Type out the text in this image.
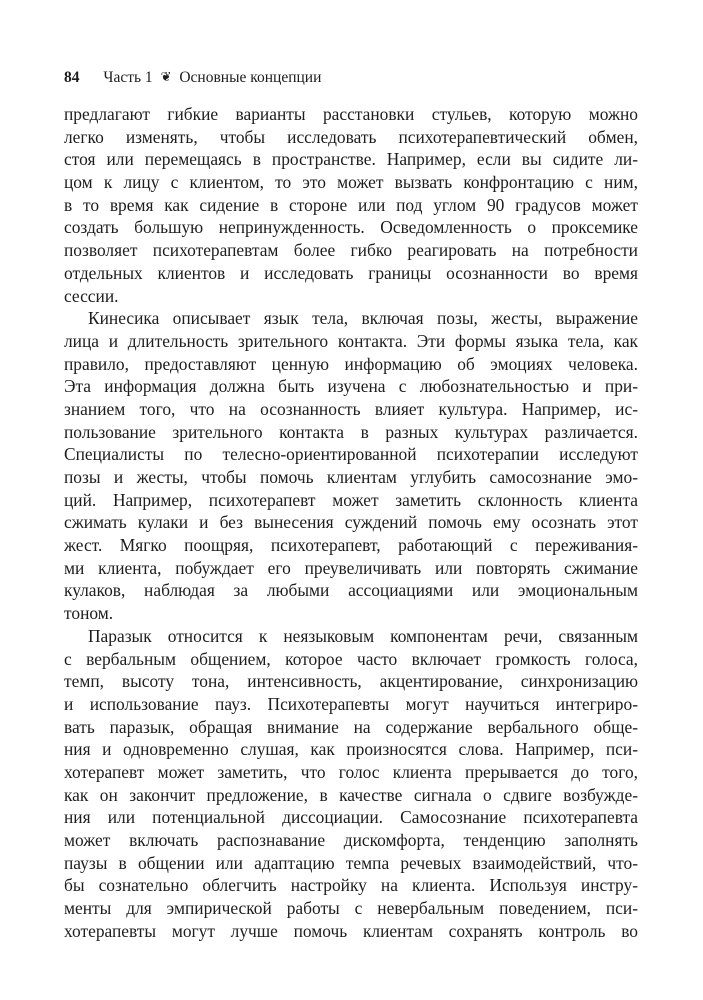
84 Часть 1 ❦ Основные концепции
предлагают гибкие варианты расстановки стульев, которую можно
легко изменять, чтобы исследовать психотерапевтический обмен,
стоя или перемещаясь в пространстве. Например, если вы сидите ли-
цом к лицу с клиентом, то это может вызвать конфронтацию с ним,
в то время как сидение в стороне или под углом 90 градусов может
создать большую непринужденность. Осведомленность о проксемике
позволяет психотерапевтам более гибко реагировать на потребности
отдельных клиентов и исследовать границы осознанности во время
сессии.
Кинесика описывает язык тела, включая позы, жесты, выражение
лица и длительность зрительного контакта. Эти формы языка тела, как
правило, предоставляют ценную информацию об эмоциях человека.
Эта информация должна быть изучена с любознательностью и при-
знанием того, что на осознанность влияет культура. Например, ис-
пользование зрительного контакта в разных культурах различается.
Специалисты по телесно-ориентированной психотерапии исследуют
позы и жесты, чтобы помочь клиентам углубить самосознание эмо-
ций. Например, психотерапевт может заметить склонность клиента
сжимать кулаки и без вынесения суждений помочь ему осознать этот
жест. Мягко поощряя, психотерапевт, работающий с переживания-
ми клиента, побуждает его преувеличивать или повторять сжимание
кулаков, наблюдая за любыми ассоциациями или эмоциональным
тоном.
Паразык относится к неязыковым компонентам речи, связанным
с вербальным общением, которое часто включает громкость голоса,
темп, высоту тона, интенсивность, акцентирование, синхронизацию
и использование пауз. Психотерапевты могут научиться интегриро-
вать паразык, обращая внимание на содержание вербального обще-
ния и одновременно слушая, как произносятся слова. Например, пси-
хотерапевт может заметить, что голос клиента прерывается до того,
как он закончит предложение, в качестве сигнала о сдвиге возбужде-
ния или потенциальной диссоциации. Самосознание психотерапевта
может включать распознавание дискомфорта, тенденцию заполнять
паузы в общении или адаптацию темпа речевых взаимодействий, что-
бы сознательно облегчить настройку на клиента. Используя инстру-
менты для эмпирической работы с невербальным поведением, пси-
хотерапевты могут лучше помочь клиентам сохранять контроль во
